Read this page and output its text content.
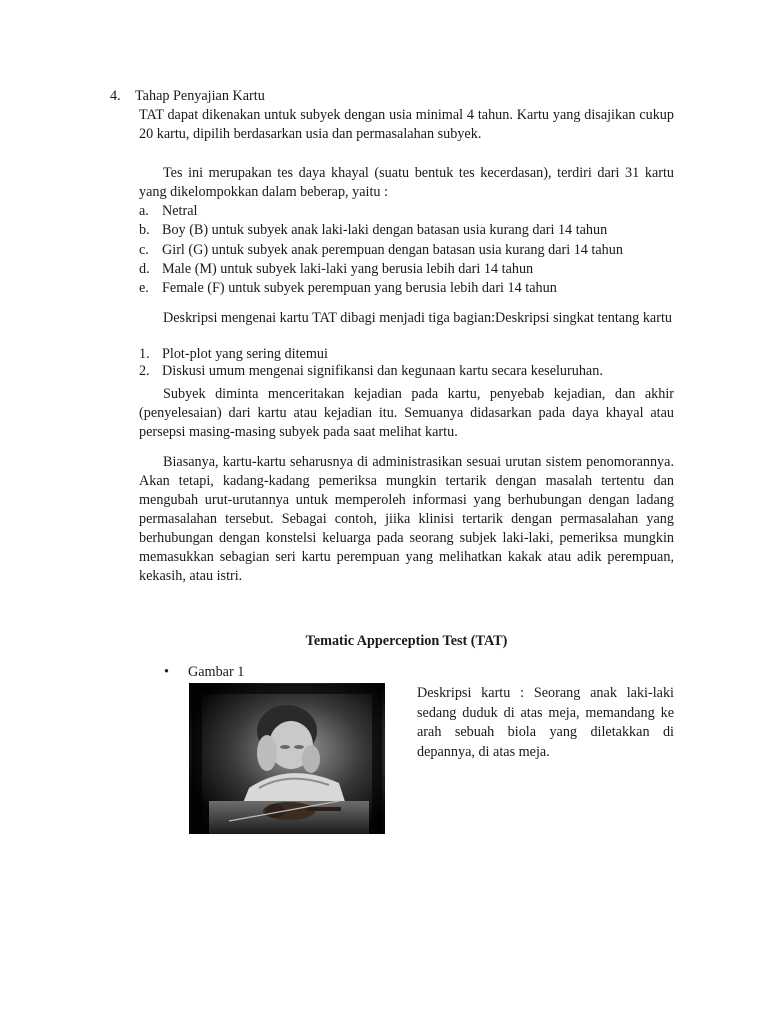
4. Tahap Penyajian Kartu

TAT dapat dikenakan untuk subyek dengan usia minimal 4 tahun. Kartu yang disajikan cukup 20 kartu, dipilih berdasarkan usia dan permasalahan subyek.

Tes ini merupakan tes daya khayal (suatu bentuk tes kecerdasan), terdiri dari 31 kartu yang dikelompokkan dalam beberap, yaitu :

a. Netral
b. Boy (B) untuk subyek anak laki-laki dengan batasan usia kurang dari 14 tahun
c. Girl (G) untuk subyek anak perempuan dengan batasan usia kurang dari 14 tahun
d. Male (M) untuk subyek laki-laki yang berusia lebih dari 14 tahun
e. Female (F) untuk subyek perempuan yang berusia lebih dari 14 tahun

Deskripsi mengenai kartu TAT dibagi menjadi tiga bagian:Deskripsi singkat tentang kartu

1. Plot-plot yang sering ditemui
2. Diskusi umum mengenai signifikansi dan kegunaan kartu secara keseluruhan.

Subyek diminta menceritakan kejadian pada kartu, penyebab kejadian, dan akhir (penyelesaian) dari kartu atau kejadian itu. Semuanya didasarkan pada daya khayal atau persepsi masing-masing subyek pada saat melihat kartu.

Biasanya, kartu-kartu seharusnya di administrasikan sesuai urutan sistem penomorannya. Akan tetapi, kadang-kadang pemeriksa mungkin tertarik dengan masalah tertentu dan mengubah urut-urutannya untuk memperoleh informasi yang berhubungan dengan ladang permasalahan tersebut. Sebagai contoh, jiika klinisi tertarik dengan permasalahan yang berhubungan dengan konstelsi keluarga pada seorang subjek laki-laki, pemeriksa mungkin memasukkan sebagian seri kartu perempuan yang melihatkan kakak atau adik perempuan, kekasih, atau istri.

Tematic Apperception Test (TAT)
• Gambar 1

Deskripsi kartu : Seorang anak laki-laki sedang duduk di atas meja, memandang ke arah sebuah biola yang diletakkan di depannya, di atas meja.
